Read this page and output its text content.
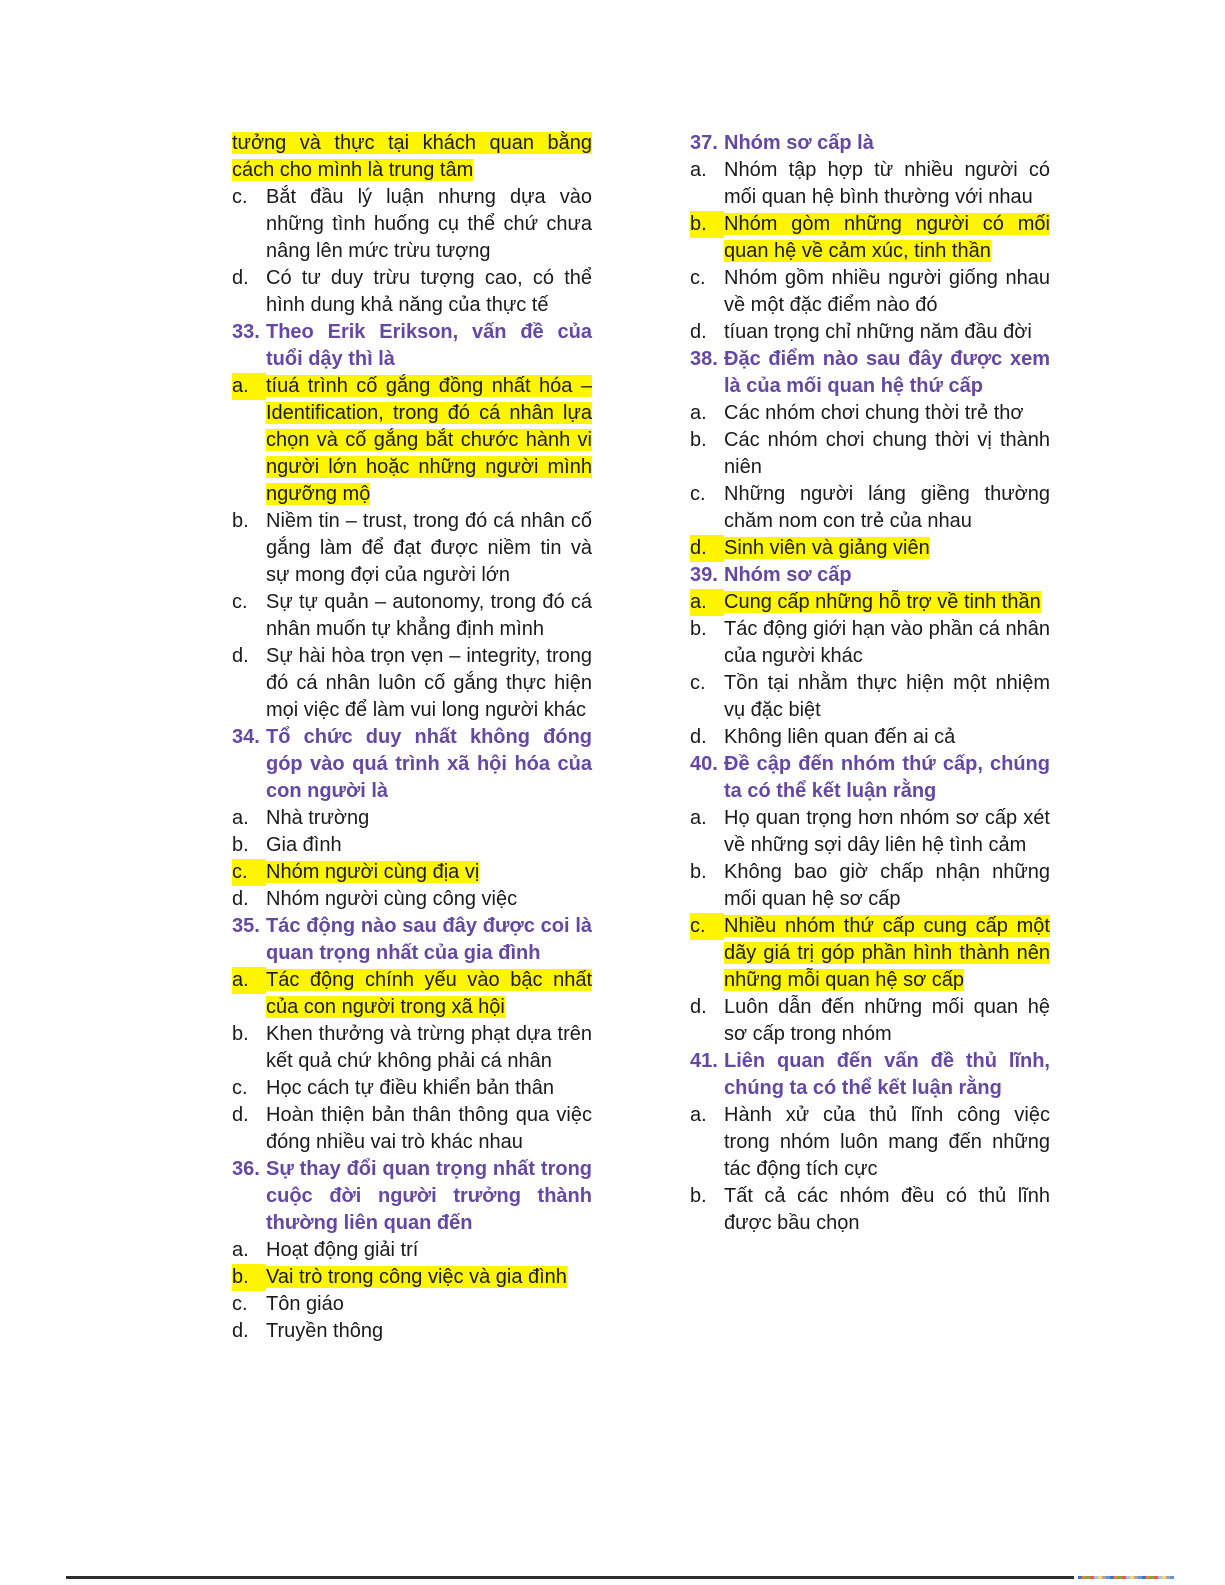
tưởng và thực tại khách quan bằng cách cho mình là trung tâm

c. Bắt đầu lý luận nhưng dựa vào những tình huống cụ thể chứ chưa nâng lên mức trừu tượng

d. Có tư duy trừu tượng cao, có thể hình dung khả năng của thực tế

33. Theo Erik Erikson, vấn đề của tuổi dậy thì là

a. tíuá trình cố gắng đồng nhất hóa – Identification, trong đó cá nhân lựa chọn và cố gắng bắt chước hành vi người lớn hoặc những người mình ngưỡng mộ

b. Niềm tin – trust, trong đó cá nhân cố gắng làm để đạt được niềm tin và sự mong đợi của người lớn

c. Sự tự quản – autonomy, trong đó cá nhân muốn tự khẳng định mình

d. Sự hài hòa trọn vẹn – integrity, trong đó cá nhân luôn cố gắng thực hiện mọi việc để làm vui long người khác

34. Tổ chức duy nhất không đóng góp vào quá trình xã hội hóa của con người là

a. Nhà trường

b. Gia đình

c. Nhóm người cùng địa vị

d. Nhóm người cùng công việc

35. Tác động nào sau đây được coi là quan trọng nhất của gia đình

a. Tác động chính yếu vào bậc nhất của con người trong xã hội

b. Khen thưởng và trừng phạt dựa trên kết quả chứ không phải cá nhân

c. Học cách tự điều khiển bản thân

d. Hoàn thiện bản thân thông qua việc đóng nhiều vai trò khác nhau

36. Sự thay đổi quan trọng nhất trong cuộc đời người trưởng thành thường liên quan đến

a. Hoạt động giải trí

b. Vai trò trong công việc và gia đình

c. Tôn giáo

d. Truyền thông

37. Nhóm sơ cấp là

a. Nhóm tập hợp từ nhiều người có mối quan hệ bình thường với nhau

b. Nhóm gòm những người có mối quan hệ về cảm xúc, tinh thần

c. Nhóm gồm nhiều người giống nhau về một đặc điểm nào đó

d. tíuan trọng chỉ những năm đầu đời

38. Đặc điểm nào sau đây được xem là của mối quan hệ thứ cấp

a. Các nhóm chơi chung thời trẻ thơ

b. Các nhóm chơi chung thời vị thành niên

c. Những người láng giềng thường chăm nom con trẻ của nhau

d. Sinh viên và giảng viên

39. Nhóm sơ cấp

a. Cung cấp những hỗ trợ về tinh thần

b. Tác động giới hạn vào phần cá nhân của người khác

c. Tồn tại nhằm thực hiện một nhiệm vụ đặc biệt

d. Không liên quan đến ai cả

40. Đề cập đến nhóm thứ cấp, chúng ta có thể kết luận rằng

a. Họ quan trọng hơn nhóm sơ cấp xét về những sợi dây liên hệ tình cảm

b. Không bao giờ chấp nhận những mối quan hệ sơ cấp

c. Nhiều nhóm thứ cấp cung cấp một dãy giá trị góp phần hình thành nên những mỗi quan hệ sơ cấp

d. Luôn dẫn đến những mối quan hệ sơ cấp trong nhóm

41. Liên quan đến vấn đề thủ lĩnh, chúng ta có thể kết luận rằng

a. Hành xử của thủ lĩnh công việc trong nhóm luôn mang đến những tác động tích cực

b. Tất cả các nhóm đều có thủ lĩnh được bầu chọn
